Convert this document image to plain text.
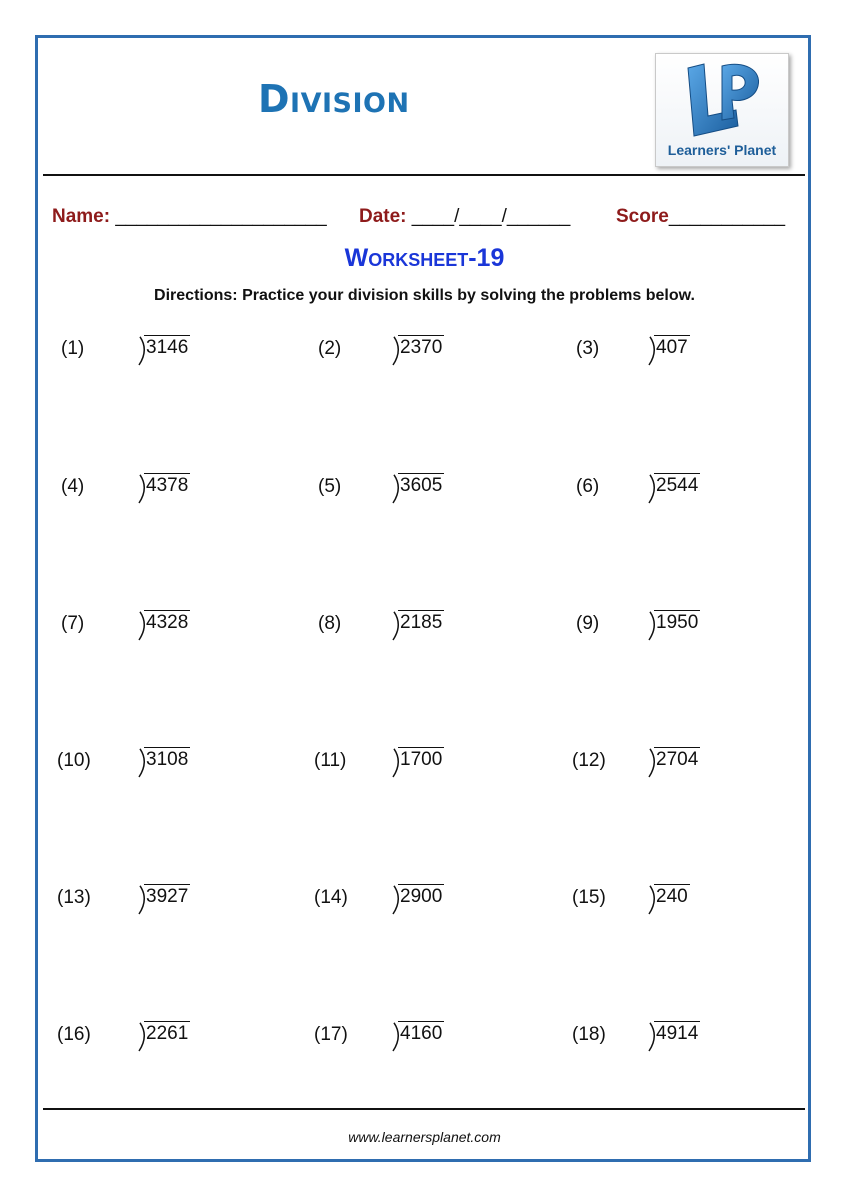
Division
Learners' Planet
Name: ____________________ Date: ____/____/______ Score___________
Worksheet-19

Directions: Practice your division skills by solving the problems below.

(1)	3146	(2)	2370	(3)	407
(4)	4378	(5)	3605	(6)	2544
(7)	4328	(8)	2185	(9)	1950
(10)	3108	(11)	1700	(12)	2704
(13)	3927	(14)	2900	(15)	240
(16)	2261	(17)	4160	(18)	4914
www.learnersplanet.com
